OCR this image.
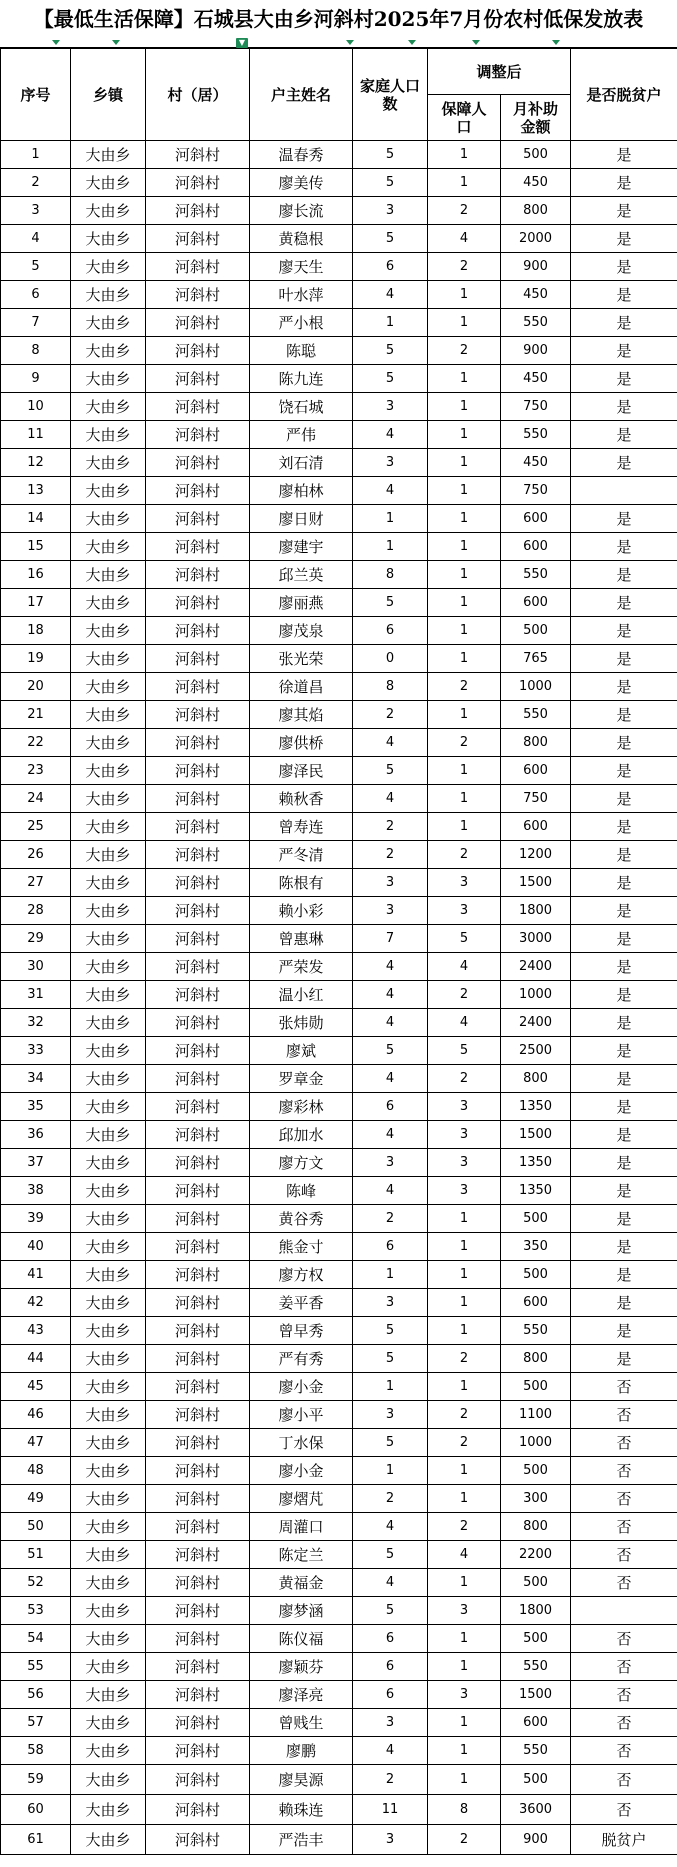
【最低生活保障】石城县大由乡河斜村2025年7月份农村低保发放表
▼
序号	乡镇	村（居）	户主姓名	家庭人口数	调整后		是否脱贫户
					保障人口	月补助金额	
1	大由乡	河斜村	温春秀	5	1	500	是
2	大由乡	河斜村	廖美传	5	1	450	是
3	大由乡	河斜村	廖长流	3	2	800	是
4	大由乡	河斜村	黄稳根	5	4	2000	是
5	大由乡	河斜村	廖天生	6	2	900	是
6	大由乡	河斜村	叶水萍	4	1	450	是
7	大由乡	河斜村	严小根	1	1	550	是
8	大由乡	河斜村	陈聪	5	2	900	是
9	大由乡	河斜村	陈九连	5	1	450	是
10	大由乡	河斜村	饶石城	3	1	750	是
11	大由乡	河斜村	严伟	4	1	550	是
12	大由乡	河斜村	刘石清	3	1	450	是
13	大由乡	河斜村	廖柏林	4	1	750	
14	大由乡	河斜村	廖日财	1	1	600	是
15	大由乡	河斜村	廖建宇	1	1	600	是
16	大由乡	河斜村	邱兰英	8	1	550	是
17	大由乡	河斜村	廖丽燕	5	1	600	是
18	大由乡	河斜村	廖茂泉	6	1	500	是
19	大由乡	河斜村	张光荣	0	1	765	是
20	大由乡	河斜村	徐道昌	8	2	1000	是
21	大由乡	河斜村	廖其焰	2	1	550	是
22	大由乡	河斜村	廖供桥	4	2	800	是
23	大由乡	河斜村	廖泽民	5	1	600	是
24	大由乡	河斜村	赖秋香	4	1	750	是
25	大由乡	河斜村	曾寿连	2	1	600	是
26	大由乡	河斜村	严冬清	2	2	1200	是
27	大由乡	河斜村	陈根有	3	3	1500	是
28	大由乡	河斜村	赖小彩	3	3	1800	是
29	大由乡	河斜村	曾惠琳	7	5	3000	是
30	大由乡	河斜村	严荣发	4	4	2400	是
31	大由乡	河斜村	温小红	4	2	1000	是
32	大由乡	河斜村	张炜勋	4	4	2400	是
33	大由乡	河斜村	廖斌	5	5	2500	是
34	大由乡	河斜村	罗章金	4	2	800	是
35	大由乡	河斜村	廖彩林	6	3	1350	是
36	大由乡	河斜村	邱加水	4	3	1500	是
37	大由乡	河斜村	廖方文	3	3	1350	是
38	大由乡	河斜村	陈峰	4	3	1350	是
39	大由乡	河斜村	黄谷秀	2	1	500	是
40	大由乡	河斜村	熊金寸	6	1	350	是
41	大由乡	河斜村	廖方权	1	1	500	是
42	大由乡	河斜村	姜平香	3	1	600	是
43	大由乡	河斜村	曾早秀	5	1	550	是
44	大由乡	河斜村	严有秀	5	2	800	是
45	大由乡	河斜村	廖小金	1	1	500	否
46	大由乡	河斜村	廖小平	3	2	1100	否
47	大由乡	河斜村	丁水保	5	2	1000	否
48	大由乡	河斜村	廖小金	1	1	500	否
49	大由乡	河斜村	廖熠芃	2	1	300	否
50	大由乡	河斜村	周灌口	4	2	800	否
51	大由乡	河斜村	陈定兰	5	4	2200	否
52	大由乡	河斜村	黄福金	4	1	500	否
53	大由乡	河斜村	廖梦涵	5	3	1800	
54	大由乡	河斜村	陈仪福	6	1	500	否
55	大由乡	河斜村	廖颖芬	6	1	550	否
56	大由乡	河斜村	廖泽亮	6	3	1500	否
57	大由乡	河斜村	曾贱生	3	1	600	否
58	大由乡	河斜村	廖鹏	4	1	550	否
59	大由乡	河斜村	廖昊源	2	1	500	否
60	大由乡	河斜村	赖珠连	11	8	3600	否
61	大由乡	河斜村	严浩丰	3	2	900	脱贫户
